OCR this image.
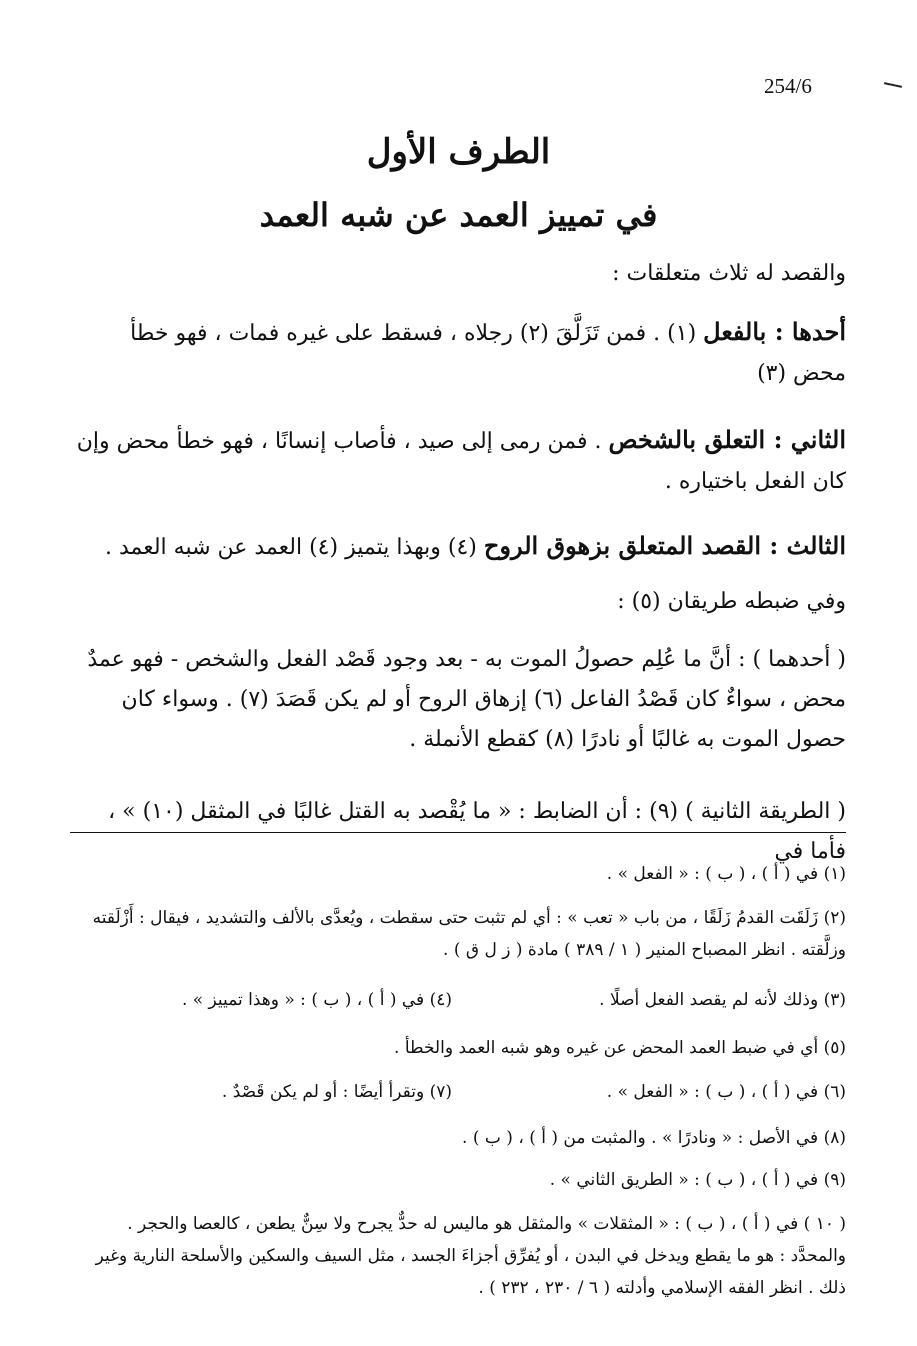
254/6
الطرف الأول
في تمييز العمد عن شبه العمد
والقصد له ثلاث متعلقات :
أحدها : بالفعل (١) . فمن تَزَلَّقَ (٢) رجلاه ، فسقط على غيره فمات ، فهو خطأ محض (٣)
الثاني : التعلق بالشخص . فمن رمى إلى صيد ، فأصاب إنسانًا ، فهو خطأ محض وإن كان الفعل باختياره .
الثالث : القصد المتعلق بزهوق الروح (٤) وبهذا يتميز (٤) العمد عن شبه العمد .
وفي ضبطه طريقان (٥) :
( أحدهما ) : أنَّ ما عُلِم حصولُ الموت به - بعد وجود قَصْد الفعل والشخص - فهو عمدٌ محض ، سواءٌ كان قَصْدُ الفاعل (٦) إزهاق الروح أو لم يكن قَصَدَ (٧) . وسواء كان حصول الموت به غالبًا أو نادرًا (٨) كقطع الأنملة .
( الطريقة الثانية ) (٩) : أن الضابط : « ما يُقْصد به القتل غالبًا في المثقل (١٠) » ، فأما في
(١) في ( أ ) ، ( ب ) : « الفعل » .
(٢) زَلَقَت القدمُ زَلَقًا ، من باب « تعب » : أي لم تثبت حتى سقطت ، ويُعدَّى بالألف والتشديد ، فيقال : أَزْلَقته وزلَّقته . انظر المصباح المنير ( ١ / ٣٨٩ ) مادة ( ز ل ق ) .
(٣) وذلك لأنه لم يقصد الفعل أصلًا .
(٤) في ( أ ) ، ( ب ) : « وهذا تمييز » .
(٥) أي في ضبط العمد المحض عن غيره وهو شبه العمد والخطأ .
(٦) في ( أ ) ، ( ب ) : « الفعل » .
(٧) وتقرأ أيضًا : أو لم يكن قَصْدٌ .
(٨) في الأصل : « ونادرًا » . والمثبت من ( أ ) ، ( ب ) .
(٩) في ( أ ) ، ( ب ) : « الطريق الثاني » .
( ١٠ ) في ( أ ) ، ( ب ) : « المثقلات » والمثقل هو ماليس له حدٌّ يجرح ولا سِنٌّ يطعن ، كالعصا والحجر . والمحدَّد : هو ما يقطع ويدخل في البدن ، أو يُفرِّق أجزاءَ الجسد ، مثل السيف والسكين والأسلحة النارية وغير ذلك . انظر الفقه الإسلامي وأدلته ( ٦ / ٢٣٠ ، ٢٣٢ ) .
